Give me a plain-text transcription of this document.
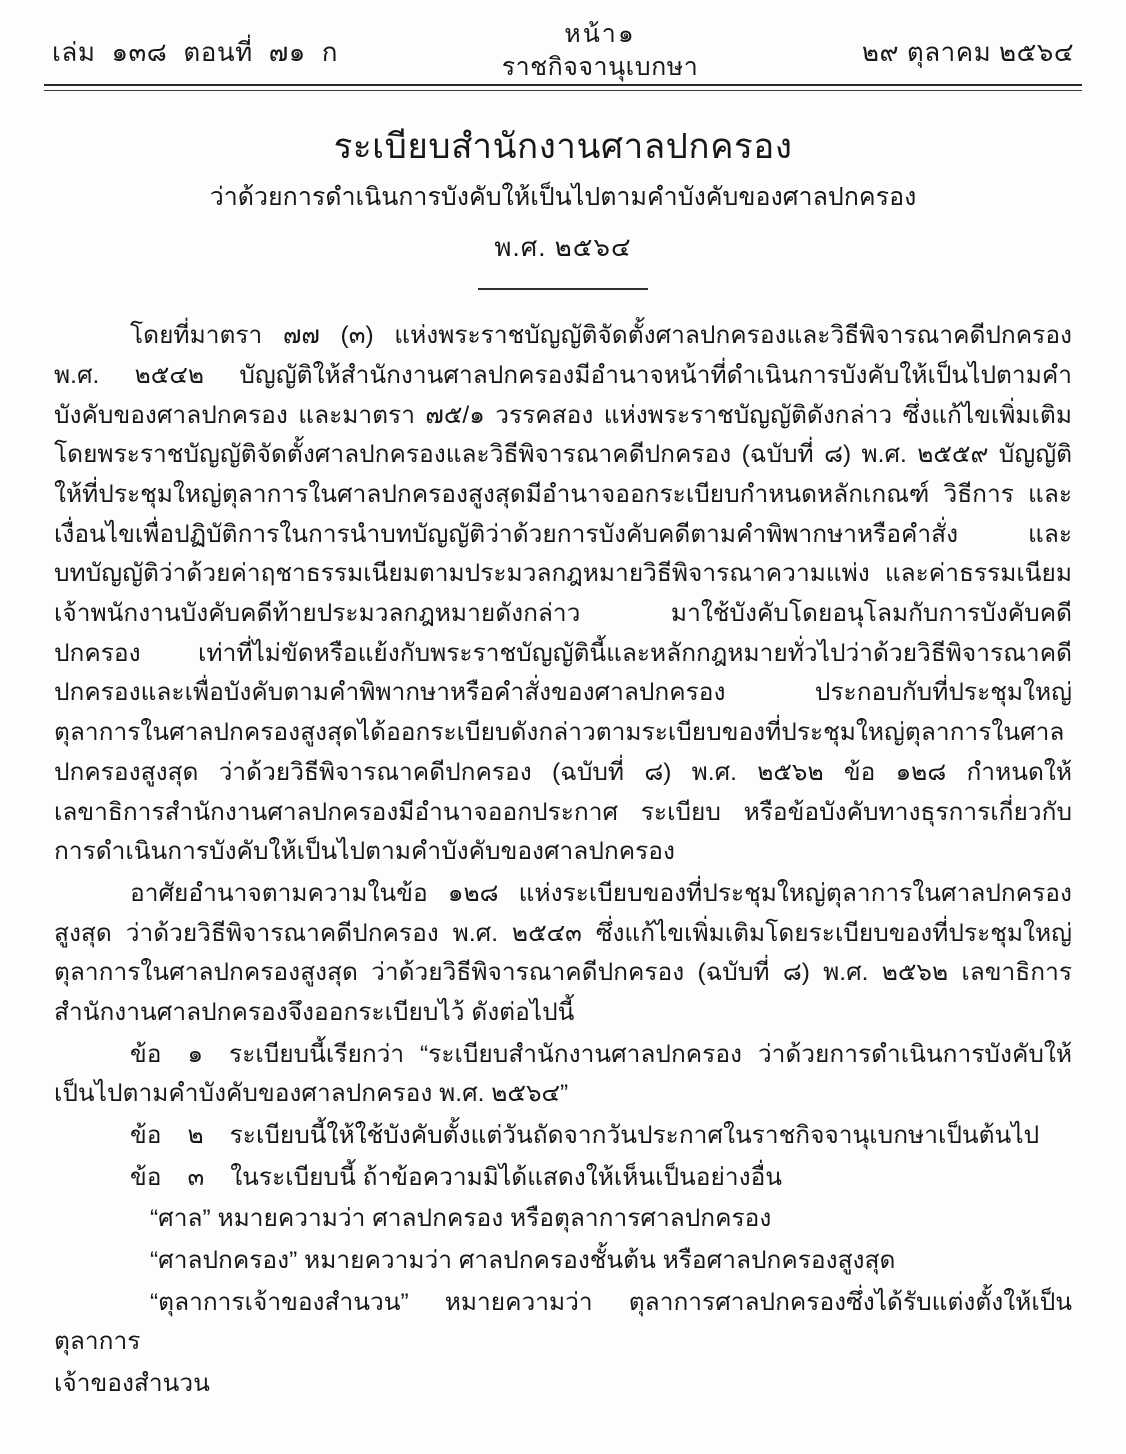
เล่ม ๑๓๘ ตอนที่ ๗๑ ก
หน้า๑
ราชกิจจานุเบกษา	๒๙ ตุลาคม ๒๕๖๔
ระเบียบสำนักงานศาลปกครอง
ว่าด้วยการดำเนินการบังคับให้เป็นไปตามคำบังคับของศาลปกครอง
พ.ศ. ๒๕๖๔
โดยที่มาตรา ๗๗ (๓) แห่งพระราชบัญญัติจัดตั้งศาลปกครองและวิธีพิจารณาคดีปกครอง พ.ศ. ๒๕๔๒ บัญญัติให้สำนักงานศาลปกครองมีอำนาจหน้าที่ดำเนินการบังคับให้เป็นไปตามคำบังคับของศาลปกครอง และมาตรา ๗๕/๑ วรรคสอง แห่งพระราชบัญญัติดังกล่าว ซึ่งแก้ไขเพิ่มเติมโดยพระราชบัญญัติจัดตั้งศาลปกครองและวิธีพิจารณาคดีปกครอง (ฉบับที่ ๘) พ.ศ. ๒๕๕๙ บัญญัติให้ที่ประชุมใหญ่ตุลาการในศาลปกครองสูงสุดมีอำนาจออกระเบียบกำหนดหลักเกณฑ์ วิธีการ และเงื่อนไขเพื่อปฏิบัติการในการนำบทบัญญัติว่าด้วยการบังคับคดีตามคำพิพากษาหรือคำสั่ง และบทบัญญัติว่าด้วยค่าฤชาธรรมเนียมตามประมวลกฎหมายวิธีพิจารณาความแพ่ง และค่าธรรมเนียมเจ้าพนักงานบังคับคดีท้ายประมวลกฎหมายดังกล่าว มาใช้บังคับโดยอนุโลมกับการบังคับคดีปกครอง เท่าที่ไม่ขัดหรือแย้งกับพระราชบัญญัตินี้และหลักกฎหมายทั่วไปว่าด้วยวิธีพิจารณาคดีปกครองและเพื่อบังคับตามคำพิพากษาหรือคำสั่งของศาลปกครอง ประกอบกับที่ประชุมใหญ่ตุลาการในศาลปกครองสูงสุดได้ออกระเบียบดังกล่าวตามระเบียบของที่ประชุมใหญ่ตุลาการในศาลปกครองสูงสุด ว่าด้วยวิธีพิจารณาคดีปกครอง (ฉบับที่ ๘) พ.ศ. ๒๕๖๒ ข้อ ๑๒๘ กำหนดให้เลขาธิการสำนักงานศาลปกครองมีอำนาจออกประกาศ ระเบียบ หรือข้อบังคับทางธุรการเกี่ยวกับการดำเนินการบังคับให้เป็นไปตามคำบังคับของศาลปกครอง
อาศัยอำนาจตามความในข้อ ๑๒๘ แห่งระเบียบของที่ประชุมใหญ่ตุลาการในศาลปกครองสูงสุด ว่าด้วยวิธีพิจารณาคดีปกครอง พ.ศ. ๒๕๔๓ ซึ่งแก้ไขเพิ่มเติมโดยระเบียบของที่ประชุมใหญ่ตุลาการในศาลปกครองสูงสุด ว่าด้วยวิธีพิจารณาคดีปกครอง (ฉบับที่ ๘) พ.ศ. ๒๕๖๒ เลขาธิการสำนักงานศาลปกครองจึงออกระเบียบไว้ ดังต่อไปนี้
ข้อ ๑ ระเบียบนี้เรียกว่า “ระเบียบสำนักงานศาลปกครอง ว่าด้วยการดำเนินการบังคับให้เป็นไปตามคำบังคับของศาลปกครอง พ.ศ. ๒๕๖๔”
ข้อ ๒ ระเบียบนี้ให้ใช้บังคับตั้งแต่วันถัดจากวันประกาศในราชกิจจานุเบกษาเป็นต้นไป
ข้อ ๓ ในระเบียบนี้ ถ้าข้อความมิได้แสดงให้เห็นเป็นอย่างอื่น
“ศาล” หมายความว่า ศาลปกครอง หรือตุลาการศาลปกครอง
“ศาลปกครอง” หมายความว่า ศาลปกครองชั้นต้น หรือศาลปกครองสูงสุด
“ตุลาการเจ้าของสำนวน” หมายความว่า ตุลาการศาลปกครองซึ่งได้รับแต่งตั้งให้เป็นตุลาการ
เจ้าของสำนวน
